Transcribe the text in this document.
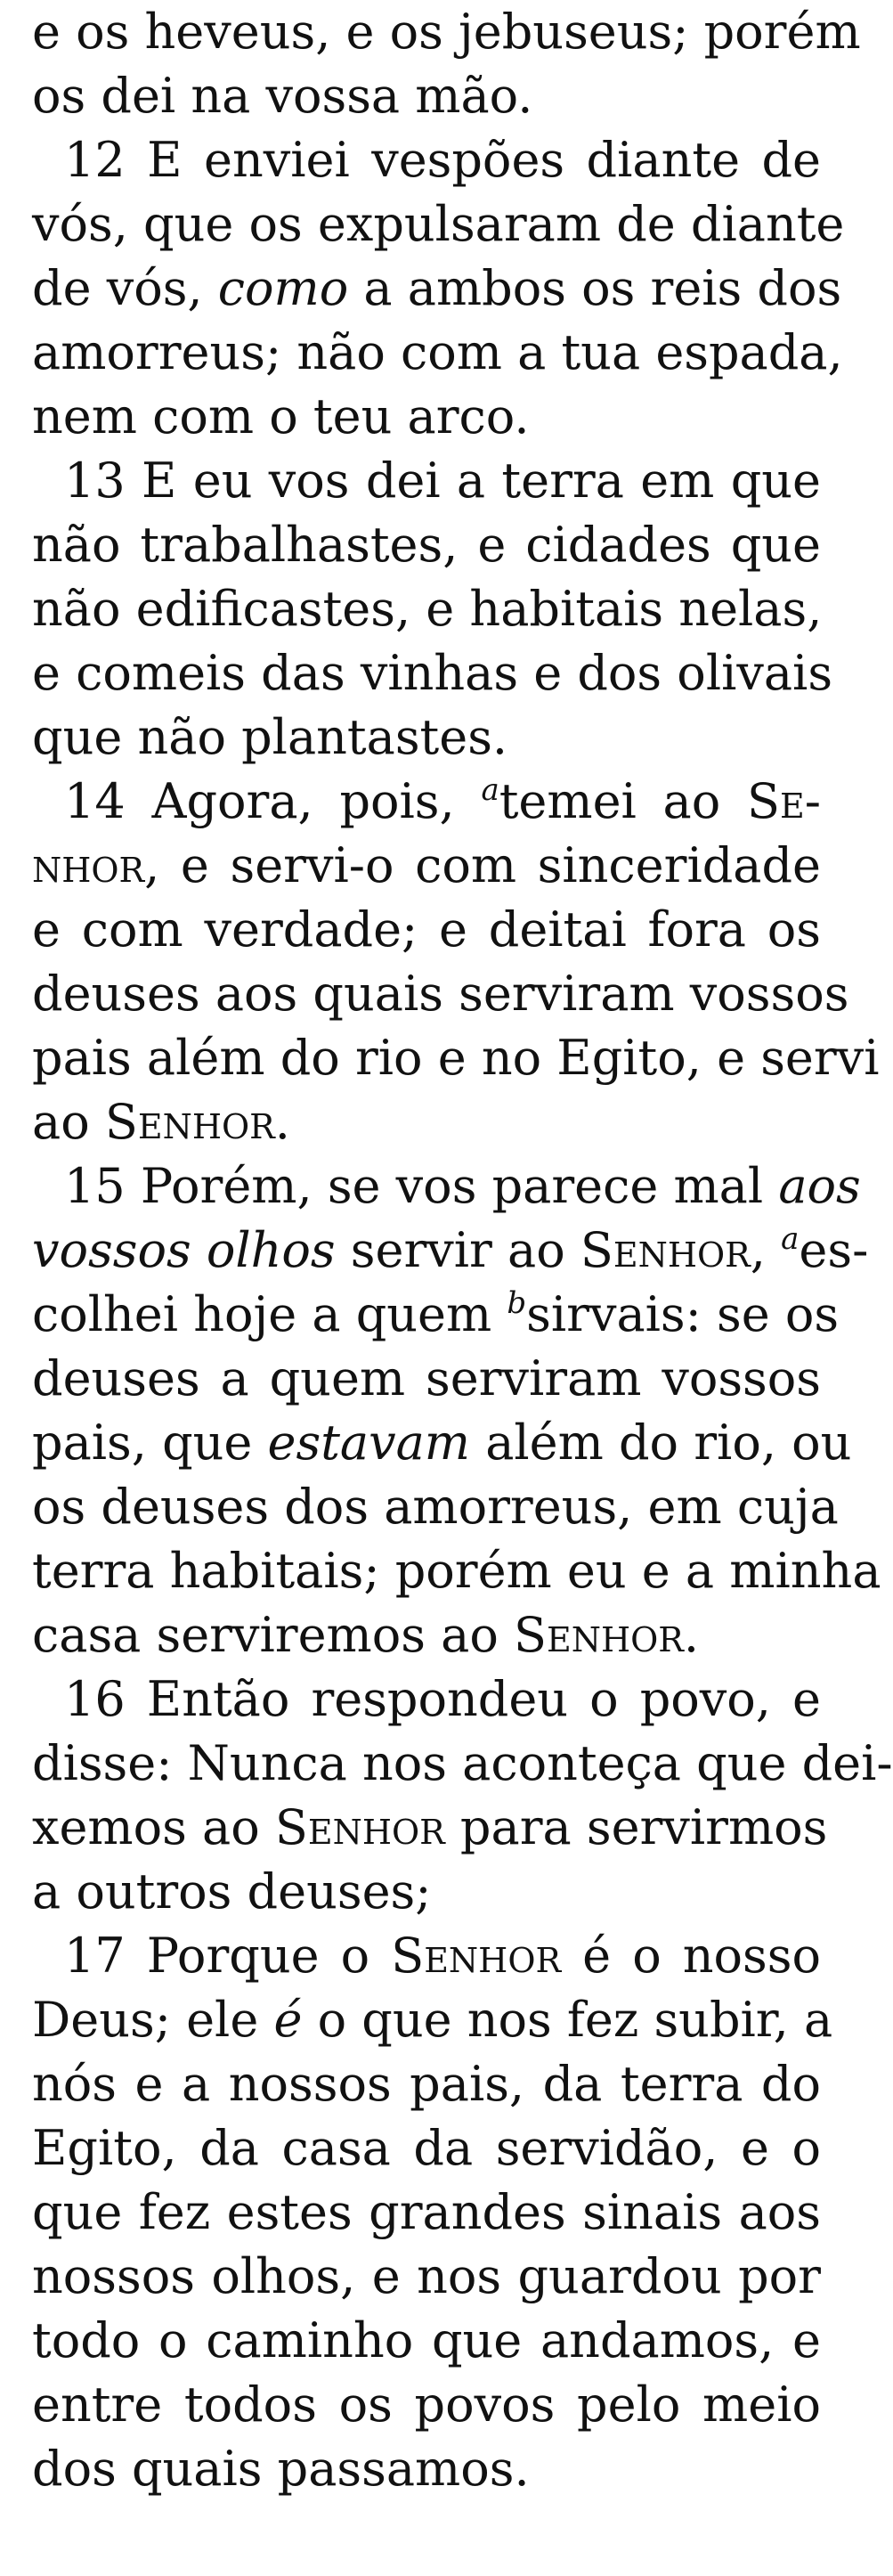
e os heveus, e os jebuseus; porém
os dei na vossa mão.
12 E enviei vespões diante de
vós, que os expulsaram de diante
de vós, como a ambos os reis dos
amorreus; não com a tua espada,
nem com o teu arco.
13 E eu vos dei a terra em que
não trabalhastes, e cidades que
não edificastes, e habitais nelas,
e comeis das vinhas e dos olivais
que não plantastes.
14 Agora, pois, $^a$temei ao Se-
nhor, e servi-o com sinceridade
e com verdade; e deitai fora os
deuses aos quais serviram vossos
pais além do rio e no Egito, e servi
ao Senhor.
15 Porém, se vos parece mal aos
vossos olhos servir ao Senhor, $^a$es-
colhei hoje a quem $^b$sirvais: se os
deuses a quem serviram vossos
pais, que estavam além do rio, ou
os deuses dos amorreus, em cuja
terra habitais; porém eu e a minha
casa serviremos ao Senhor.
16 Então respondeu o povo, e
disse: Nunca nos aconteça que dei-
xemos ao Senhor para servirmos
a outros deuses;
17 Porque o Senhor é o nosso
Deus; ele é o que nos fez subir, a
nós e a nossos pais, da terra do
Egito, da casa da servidão, e o
que fez estes grandes sinais aos
nossos olhos, e nos guardou por
todo o caminho que andamos, e
entre todos os povos pelo meio
dos quais passamos.
